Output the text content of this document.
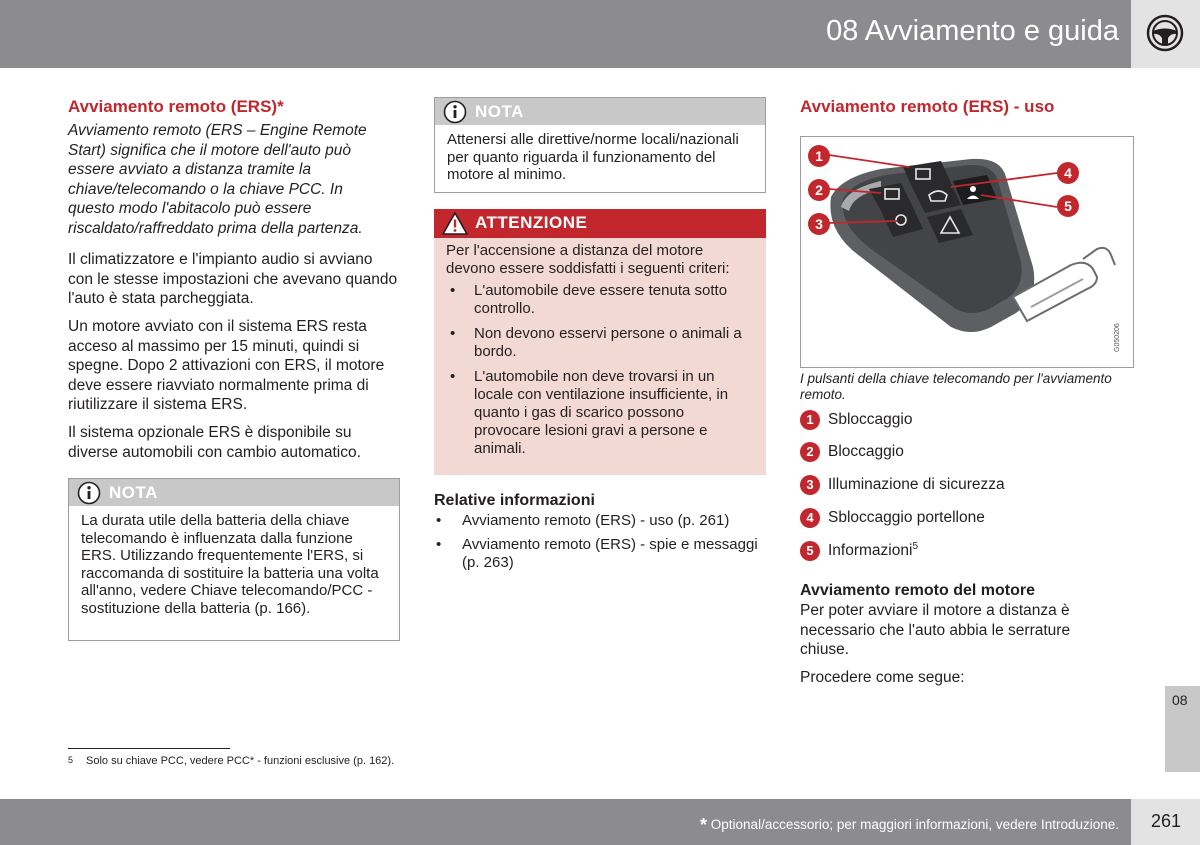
08 Avviamento e guida
Avviamento remoto (ERS)*

Avviamento remoto (ERS – Engine Remote Start) significa che il motore dell'auto può essere avviato a distanza tramite la chiave/telecomando o la chiave PCC. In questo modo l'abitacolo può essere riscaldato/raffreddato prima della partenza.

Il climatizzatore e l'impianto audio si avviano con le stesse impostazioni che avevano quando l'auto è stata parcheggiata.

Un motore avviato con il sistema ERS resta acceso al massimo per 15 minuti, quindi si spegne. Dopo 2 attivazioni con ERS, il motore deve essere riavviato normalmente prima di riutilizzare il sistema ERS.

Il sistema opzionale ERS è disponibile su diverse automobili con cambio automatico.

NOTA
La durata utile della batteria della chiave telecomando è influenzata dalla funzione ERS. Utilizzando frequentemente l'ERS, si raccomanda di sostituire la batteria una volta all'anno, vedere Chiave telecomando/PCC - sostituzione della batteria (p. 166).
NOTA
Attenersi alle direttive/norme locali/nazionali per quanto riguarda il funzionamento del motore al minimo.
ATTENZIONE
Per l'accensione a distanza del motore devono essere soddisfatti i seguenti criteri:
• L'automobile deve essere tenuta sotto controllo.
• Non devono esservi persone o animali a bordo.
• L'automobile non deve trovarsi in un locale con ventilazione insufficiente, in quanto i gas di scarico possono provocare lesioni gravi a persone e animali.
Relative informazioni
• Avviamento remoto (ERS) - uso (p. 261)
• Avviamento remoto (ERS) - spie e messaggi (p. 263)
Avviamento remoto (ERS) - uso
G050206
1
2
3
4
5
I pulsanti della chiave telecomando per l'avviamento remoto.
1 Sbloccaggio
2 Bloccaggio
3 Illuminazione di sicurezza
4 Sbloccaggio portellone
5 Informazioni$^5$
Avviamento remoto del motore

Per poter avviare il motore a distanza è necessario che l'auto abbia le serrature chiuse.

Procedere come segue:

08
5 Solo su chiave PCC, vedere PCC* - funzioni esclusive (p. 162).
* Optional/accessorio; per maggiori informazioni, vedere Introduzione. 261
